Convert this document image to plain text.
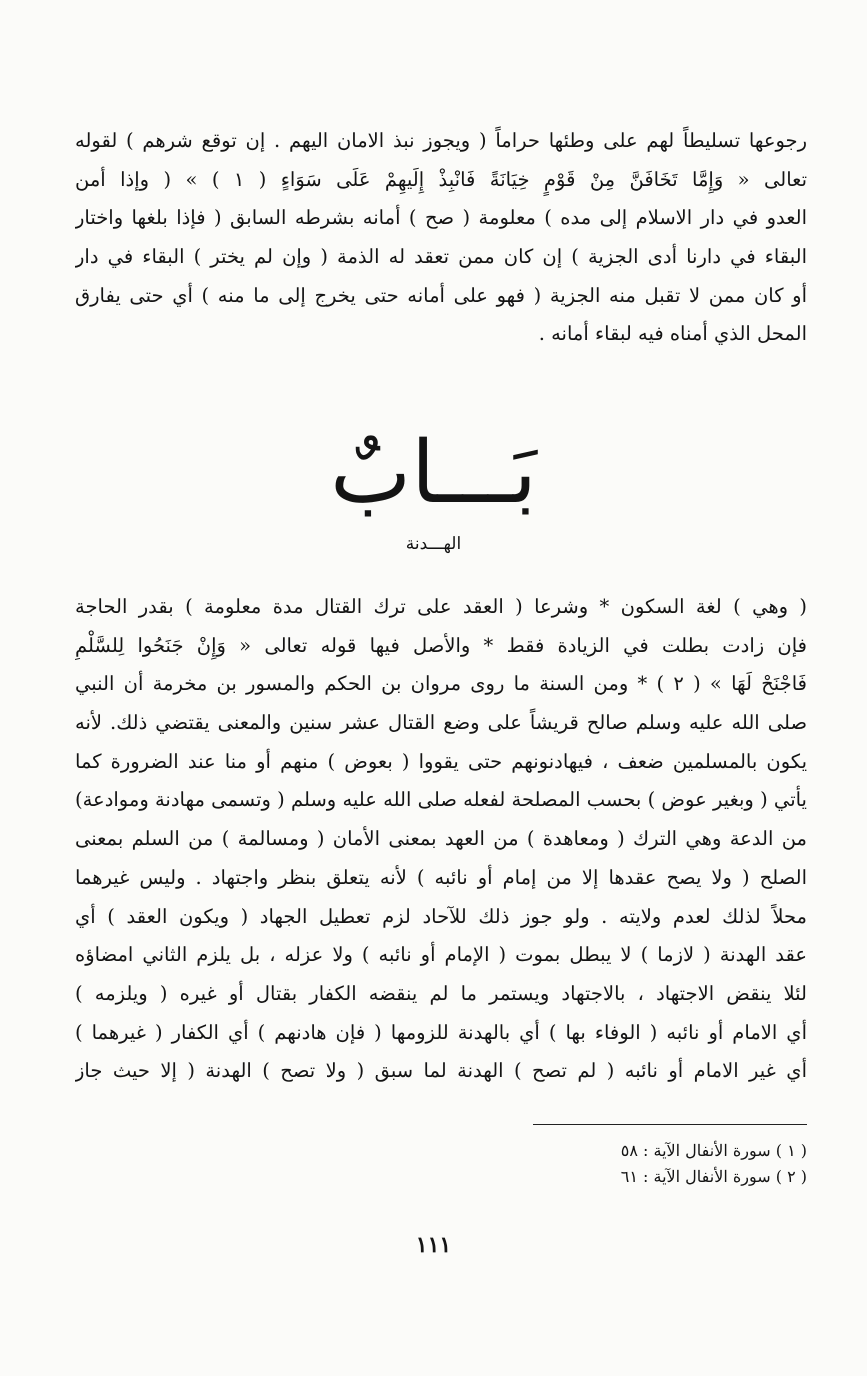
رجوعها تسليطاً لهم على وطئها حراماً ( ويجوز نبذ الامان اليهم . إن توقع شرهم ) لقوله
تعالى « وَإِمَّا تَخَافَنَّ مِنْ قَوْمٍ خِيَانَةً فَانْبِذْ إِلَيهِمْ عَلَى سَوَاءٍ ( ١ ) » ( وإذا أمن
العدو في دار الاسلام إلى مده ) معلومة ( صح ) أمانه بشرطه السابق ( فإذا بلغها واختار
البقاء في دارنا أدى الجزية ) إن كان ممن تعقد له الذمة ( وإن لم يختر ) البقاء في دار
أو كان ممن لا تقبل منه الجزية ( فهو على أمانه حتى يخرج إلى ما منه ) أي حتى يفارق
المحل الذي أمناه فيه لبقاء أمانه .
بَـــابٌ
الهـــدنة
( وهي ) لغة السكون * وشرعا ( العقد على ترك القتال مدة معلومة ) بقدر الحاجة
فإن زادت بطلت في الزيادة فقط * والأصل فيها قوله تعالى « وَإِنْ جَنَحُوا لِلسَّلْمِ
فَاجْنَحْ لَهَا » ( ٢ ) * ومن السنة ما روى مروان بن الحكم والمسور بن مخرمة أن النبي
صلى الله عليه وسلم صالح قريشاً على وضع القتال عشر سنين والمعنى يقتضي ذلك. لأنه
يكون بالمسلمين ضعف ، فيهادنونهم حتى يقووا ( بعوض ) منهم أو منا عند الضرورة كما
يأتي ( وبغير عوض ) بحسب المصلحة لفعله صلى الله عليه وسلم ( وتسمى مهادنة وموادعة)
من الدعة وهي الترك ( ومعاهدة ) من العهد بمعنى الأمان ( ومسالمة ) من السلم بمعنى
الصلح ( ولا يصح عقدها إلا من إمام أو نائبه ) لأنه يتعلق بنظر واجتهاد . وليس غيرهما
محلاً لذلك لعدم ولايته . ولو جوز ذلك للآحاد لزم تعطيل الجهاد ( ويكون العقد ) أي
عقد الهدنة ( لازما ) لا يبطل بموت ( الإمام أو نائبه ) ولا عزله ، بل يلزم الثاني امضاؤه
لئلا ينقض الاجتهاد ، بالاجتهاد ويستمر ما لم ينقضه الكفار بقتال أو غيره ( ويلزمه )
أي الامام أو نائبه ( الوفاء بها ) أي بالهدنة للزومها ( فإن هادنهم ) أي الكفار ( غيرهما )
أي غير الامام أو نائبه ( لم تصح ) الهدنة لما سبق ( ولا تصح ) الهدنة ( إلا حيث جاز
( ١ ) سورة الأنفال الآية : ٥٨
( ٢ ) سورة الأنفال الآية : ٦١
١١١
